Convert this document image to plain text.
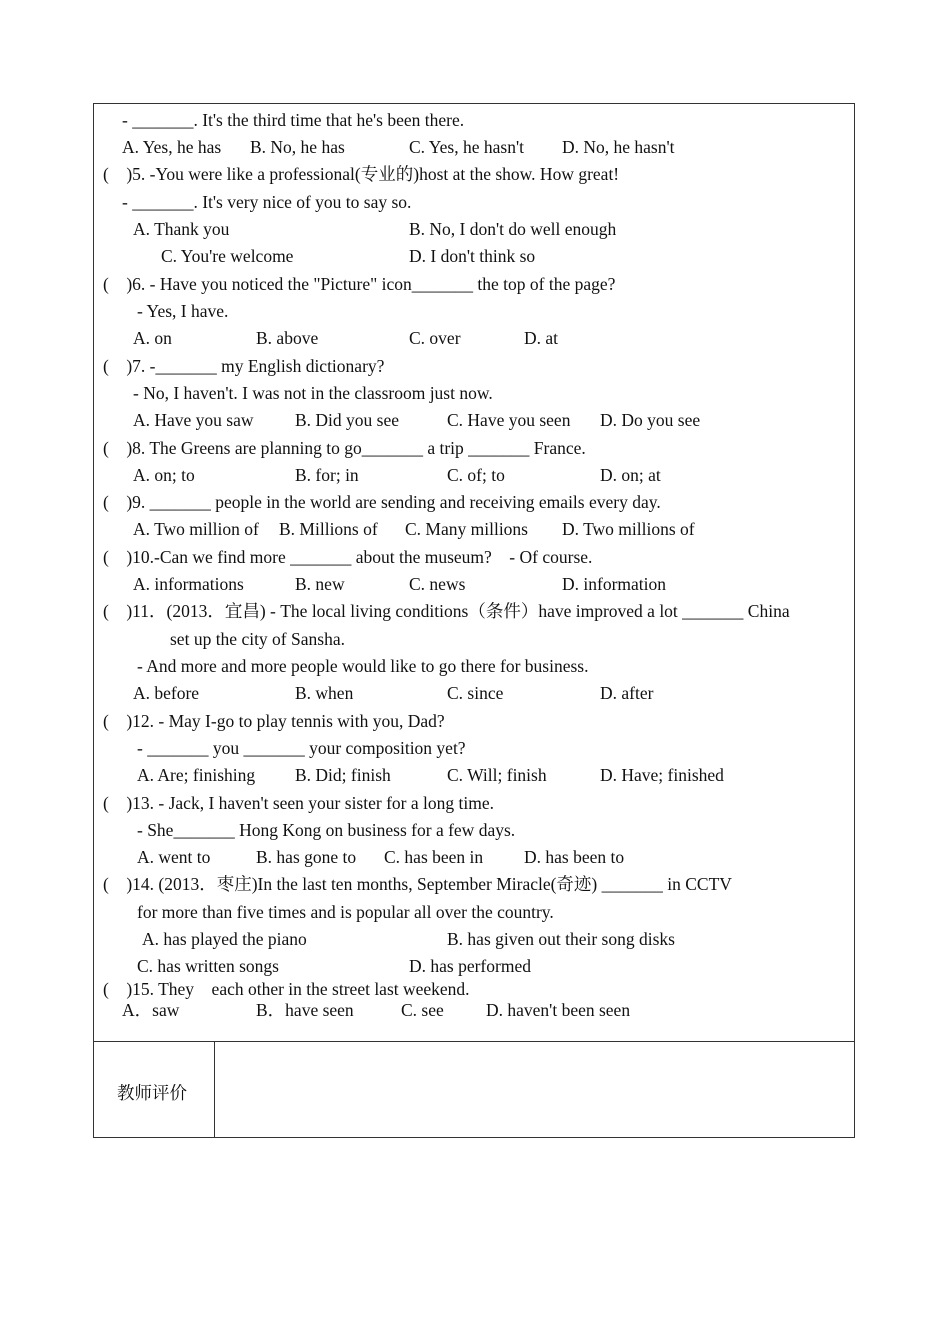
- _______. It's the third time that he's been there.
A. Yes, he has B. No, he has	C. Yes, he hasn't D. No, he hasn't
(    )5. -You were like a professional(专业的)host at the show. How great!
- _______. It's very nice of you to say so.
A. Thank you	B. No, I don't do well enough
C. You're welcome	D. I don't think so
(    )6. - Have you noticed the "Picture" icon_______ the top of the page?
- Yes, I have.
A. on	B. above	C. over	D. at
(    )7. -_______ my English dictionary?
- No, I haven't. I was not in the classroom just now.
A. Have you saw B. Did you see	C. Have you seen D. Do you see
(    )8. The Greens are planning to go_______ a trip _______ France.
A. on; to	B. for; in	C. of; to	D. on; at
(    )9. _______ people in the world are sending and receiving emails every day.
A. Two million of B. Millions of C. Many millions D. Two millions of
(    )10.-Can we find more _______ about the museum?    - Of course.
A. informations	B. new	C. news	D. information
(    )11．(2013．宜昌) - The local living conditions（条件）have improved a lot _______ China
set up the city of Sansha.
- And more and more people would like to go there for business.
A. before	B. when	C. since	D. after
(    )12. - May I-go to play tennis with you, Dad?
- _______ you _______ your composition yet?
A. Are; finishing B. Did; finish	C. Will; finish	D. Have; finished
(    )13. - Jack, I haven't seen your sister for a long time.
- She_______ Hong Kong on business for a few days.
A. went to	B. has gone to C. has been in D. has been to
(    )14. (2013．枣庄)In the last ten months, September Miracle(奇迹) _______ in CCTV
for more than five times and is popular all over the country.
A. has played the piano	B. has given out their song disks
C. has written songs	D. has performed
(    )15. They    each other in the street last weekend.
A．saw	B．have seen	C. see D. haven't been seen
教师评价
